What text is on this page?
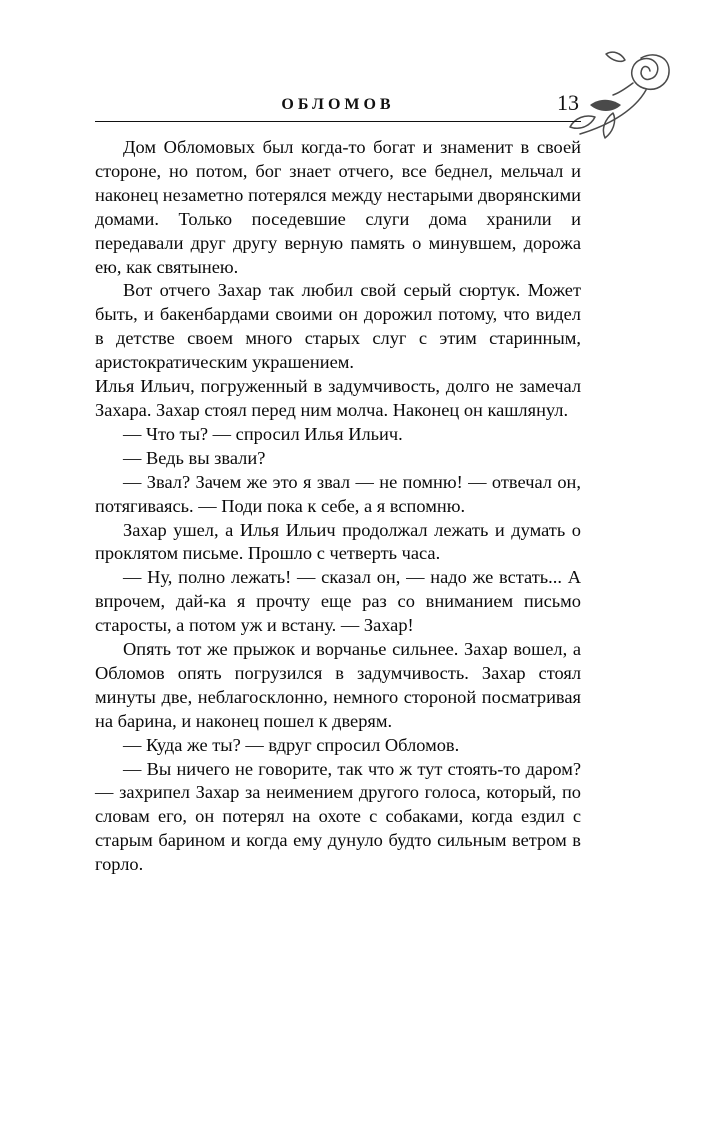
ОБЛОМОВ	13

Дом Обломовых был когда-то богат и знаменит в своей стороне, но потом, бог знает отчего, все беднел, мельчал и наконец незаметно потерялся между нестарыми дворянскими домами. Только поседевшие слуги дома хранили и передавали друг другу верную память о минувшем, дорожа ею, как святынею.

Вот отчего Захар так любил свой серый сюртук. Может быть, и бакенбардами своими он дорожил потому, что видел в детстве своем много старых слуг с этим старинным, аристократическим украшением.

Илья Ильич, погруженный в задумчивость, долго не замечал Захара. Захар стоял перед ним молча. Наконец он кашлянул.

— Что ты? — спросил Илья Ильич.

— Ведь вы звали?

— Звал? Зачем же это я звал — не помню! — отвечал он, потягиваясь. — Поди пока к себе, а я вспомню.

Захар ушел, а Илья Ильич продолжал лежать и думать о проклятом письме. Прошло с четверть часа.

— Ну, полно лежать! — сказал он, — надо же встать... А впрочем, дай-ка я прочту еще раз со вниманием письмо старосты, а потом уж и встану. — Захар!

Опять тот же прыжок и ворчанье сильнее. Захар вошел, а Обломов опять погрузился в задумчивость. Захар стоял минуты две, неблагосклонно, немного стороной посматривая на барина, и наконец пошел к дверям.

— Куда же ты? — вдруг спросил Обломов.

— Вы ничего не говорите, так что ж тут стоять-то даром? — захрипел Захар за неимением другого голоса, который, по словам его, он потерял на охоте с собаками, когда ездил с старым барином и когда ему дунуло будто сильным ветром в горло.
